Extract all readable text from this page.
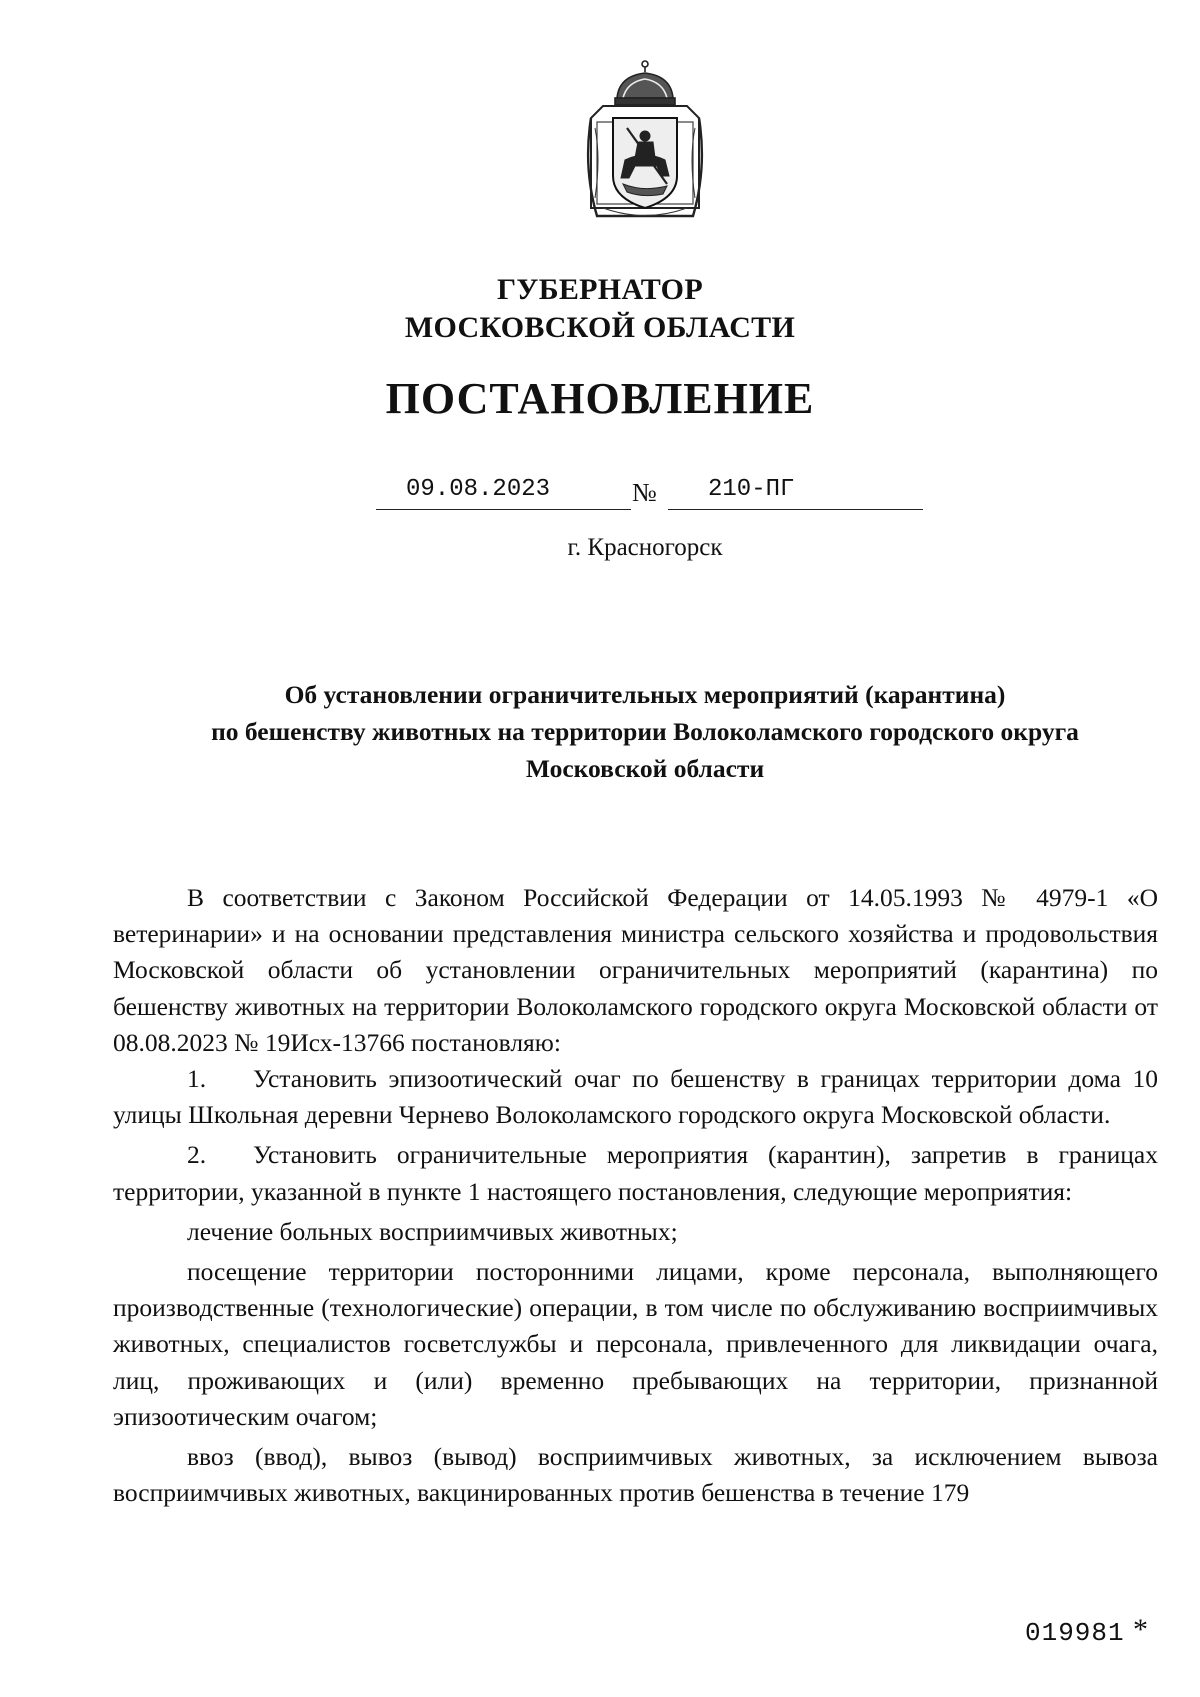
ГУБЕРНАТОР
МОСКОВСКОЙ ОБЛАСТИ
ПОСТАНОВЛЕНИЕ
09.08.2023	№ 210-ПГ
г. Красногорск
Об установлении ограничительных мероприятий (карантина)
по бешенству животных на территории Волоколамского городского округа
Московской области

В соответствии с Законом Российской Федерации от 14.05.1993 № 4979-1 «О ветеринарии» и на основании представления министра сельского хозяйства и продовольствия Московской области об установлении ограничительных мероприятий (карантина) по бешенству животных на территории Волоколамского городского округа Московской области от 08.08.2023 № 19Исх-13766 постановляю:

1. Установить эпизоотический очаг по бешенству в границах территории дома 10 улицы Школьная деревни Чернево Волоколамского городского округа Московской области.

2. Установить ограничительные мероприятия (карантин), запретив в границах территории, указанной в пункте 1 настоящего постановления, следующие мероприятия:

лечение больных восприимчивых животных;

посещение территории посторонними лицами, кроме персонала, выполняющего производственные (технологические) операции, в том числе по обслуживанию восприимчивых животных, специалистов госветслужбы и персонала, привлеченного для ликвидации очага, лиц, проживающих и (или) временно пребывающих на территории, признанной эпизоотическим очагом;

ввоз (ввод), вывоз (вывод) восприимчивых животных, за исключением вывоза восприимчивых животных, вакцинированных против бешенства в течение 179

019981 *
